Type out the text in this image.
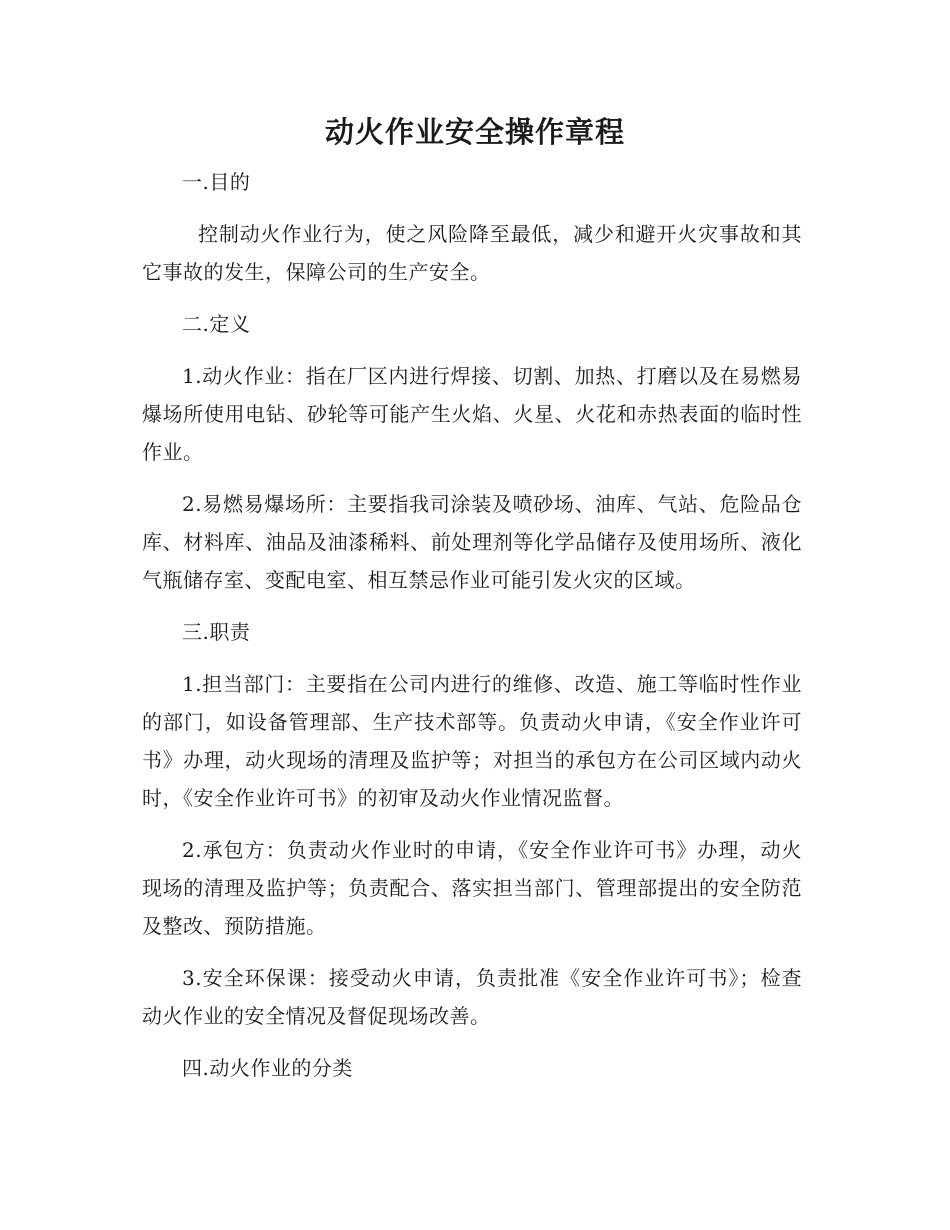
动火作业安全操作章程

一.目的

控制动火作业行为，使之风险降至最低，减少和避开火灾事故和其它事故的发生，保障公司的生产安全。

二.定义

1.动火作业：指在厂区内进行焊接、切割、加热、打磨以及在易燃易爆场所使用电钻、砂轮等可能产生火焰、火星、火花和赤热表面的临时性作业。

2.易燃易爆场所：主要指我司涂装及喷砂场、油库、气站、危险品仓库、材料库、油品及油漆稀料、前处理剂等化学品储存及使用场所、液化气瓶储存室、变配电室、相互禁忌作业可能引发火灾的区域。

三.职责

1.担当部门：主要指在公司内进行的维修、改造、施工等临时性作业的部门，如设备管理部、生产技术部等。负责动火申请，《安全作业许可书》办理，动火现场的清理及监护等；对担当的承包方在公司区域内动火时，《安全作业许可书》的初审及动火作业情况监督。

2.承包方：负责动火作业时的申请，《安全作业许可书》办理，动火现场的清理及监护等；负责配合、落实担当部门、管理部提出的安全防范及整改、预防措施。

3.安全环保课：接受动火申请，负责批准《安全作业许可书》；检查动火作业的安全情况及督促现场改善。

四.动火作业的分类
